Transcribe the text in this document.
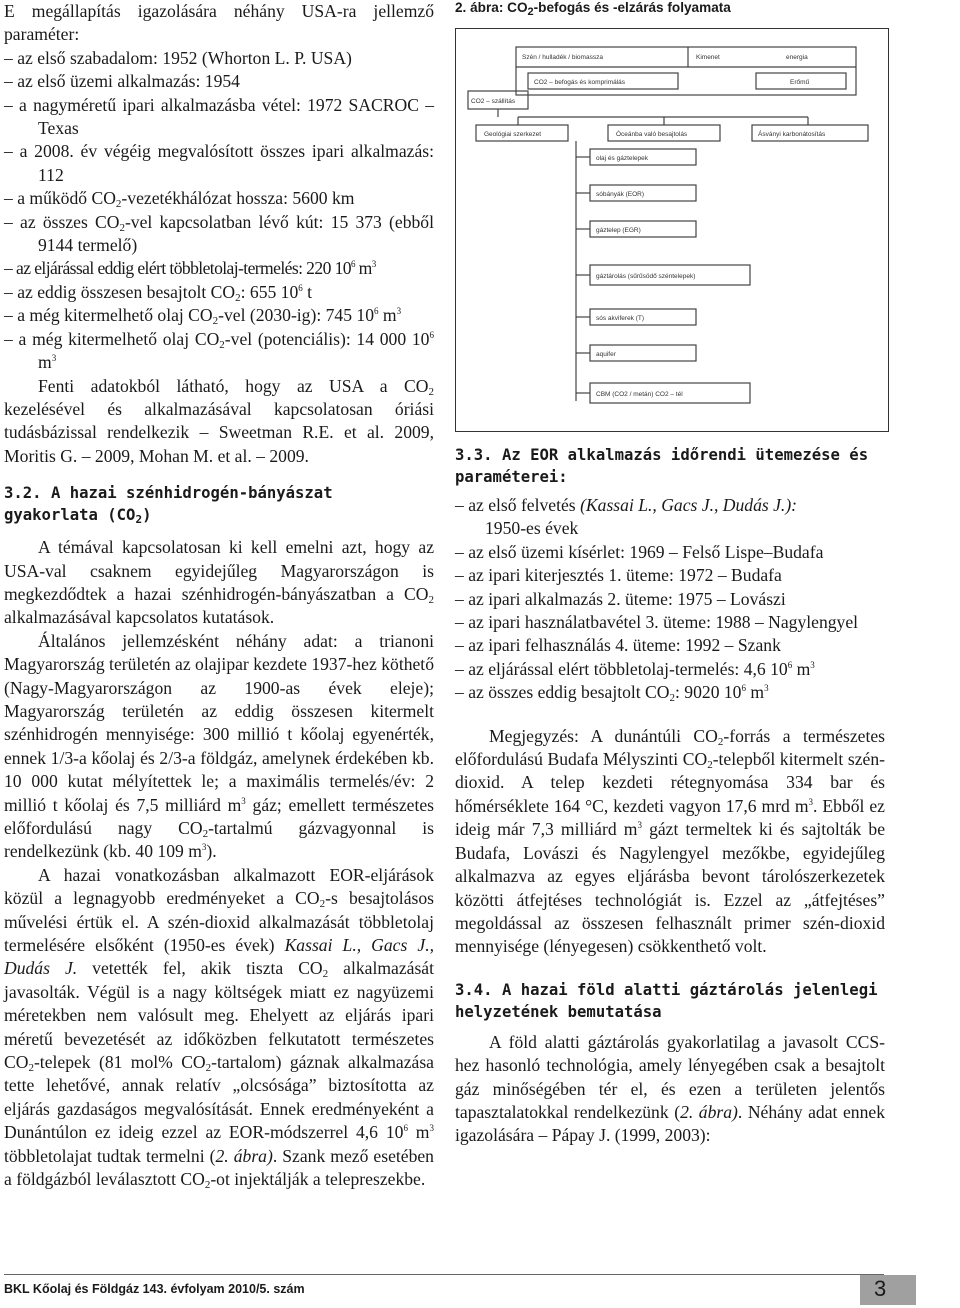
E megállapítás igazolására néhány USA-ra jellemző paraméter:

– az első szabadalom: 1952 (Whorton L. P. USA)
– az első üzemi alkalmazás: 1954
– a nagyméretű ipari alkalmazásba vétel: 1972 SACROC – Texas
– a 2008. év végéig megvalósított összes ipari alkalmazás: 112
– a működő $CO_2$-vezetékhálózat hossza: 5600 km
– az összes $CO_2$-vel kapcsolatban lévő kút: 15 373 (ebből 9144 termelő)
– az eljárással eddig elért többletolaj-termelés: 220 $10^6$ $m^3$
– az eddig összesen besajtolt $CO_2$: 655 $10^6$ t
– a még kitermelhető olaj $CO_2$-vel (2030-ig): 745 $10^6$ $m^3$
– a még kitermelhető olaj $CO_2$-vel (potenciális): 14 000 $10^6$ $m^3$

Fenti adatokból látható, hogy az USA a $CO_2$ kezelésével és alkalmazásával kapcsolatosan óriási tudásbázissal rendelkezik – Sweetman R.E. et al. 2009, Moritis G. – 2009, Mohan M. et al. – 2009.

3.2. A hazai szénhidrogén-bányászat gyakorlata $(CO_2)$

A témával kapcsolatosan ki kell emelni azt, hogy az USA-val csaknem egyidejűleg Magyarországon is megkezdődtek a hazai szénhidrogén-bányászatban a $CO_2$ alkalmazásával kapcsolatos kutatások.

Általános jellemzésként néhány adat: a trianoni Magyarország területén az olajipar kezdete 1937-hez köthető (Nagy-Magyarországon az 1900-as évek eleje); Magyarország területén az eddig összesen kitermelt szénhidrogén mennyisége: 300 millió t kőolaj egyenérték, ennek 1/3-a kőolaj és 2/3-a földgáz, amelynek érdekében kb. 10 000 kutat mélyítettek le; a maximális termelés/év: 2 millió t kőolaj és 7,5 milliárd $m^3$ gáz; emellett természetes előfordulású nagy $CO_2$-tartalmú gázvagyonnal is rendelkezünk (kb. 40 109 $m^3$).

A hazai vonatkozásban alkalmazott EOR-eljárások közül a legnagyobb eredményeket a $CO_2-s$ besajtolásos művelési értük el. A szén-dioxid alkalmazását többletolaj termelésére elsőként (1950-es évek) Kassai L., Gacs J., Dudás J. vetették fel, akik tiszta $CO_2$ alkalmazását javasolták. Végül is a nagy költségek miatt ez nagyüzemi méretekben nem valósult meg. Ehelyett az eljárás ipari méretű bevezetését az időközben felkutatott természetes $CO_2$-telepek (81 mol% $CO_2-tartalom$) gáznak alkalmazása tette lehetővé, annak relatív „olcsósága” biztosította az eljárás gazdaságos megvalósítását. Ennek eredményeként a Dunántúlon ez ideig ezzel az EOR-módszerrel 4,6 $10^6$ $m^3$ többletolajat tudtak termelni (2. ábra). Szank mező esetében a földgázból leválasztott $CO_2-ot$ injektálják a telepreszekbe.

2. ábra: $CO_2$-befogás és -elzárás folyamata
Szén / hulladék / biomassza	Kimenet	energia
CO2 – befogás és komprimálás	Erőmű
CO2 – szállítás
Geológiai szerkezet	Óceánba való besajtolás	Ásványi karbonátosítás
olaj és gáztelepek
sóbányák (EOR)
gáztelep (EGR)
gáztárolás (sűrűsödő széntelepek)
sós akviferek (T)
aquifer
CBM (CO2 / metán) CO2 – tél
3.3. Az EOR alkalmazás időrendi ütemezése és paraméterei:
– az első felvetés (Kassai L., Gacs J., Dudás J.):
1950-es évek
– az első üzemi kísérlet: 1969 – Felső Lispe–Budafa
– az ipari kiterjesztés 1. üteme: 1972 – Budafa
– az ipari alkalmazás 2. üteme: 1975 – Lovászi
– az ipari használatbavétel 3. üteme: 1988 – Nagylengyel
– az ipari felhasználás 4. üteme: 1992 – Szank
– az eljárással elért többletolaj-termelés: 4,6 $10^6$ $m^3$
– az összes eddig besajtolt $CO_2$: 9020 $10^6$ $m^3$

Megjegyzés: A dunántúli $CO_2$-forrás a természetes előfordulású Budafa Mélyszinti $CO_2$-telepből kitermelt szén-dioxid. A telep kezdeti rétegnyomása 334 bar és hőmérséklete 164 °C, kezdeti vagyon 17,6 mrd $m^3$. Ebből ez ideig már 7,3 milliárd $m^3$ gázt termeltek ki és sajtolták be Budafa, Lovászi és Nagylengyel mezőkbe, egyidejűleg alkalmazva az egyes eljárásba bevont tárolószerkezetek közötti átfejtéses technológiát is. Ezzel az „átfejtéses” megoldással az összesen felhasznált primer szén-dioxid mennyisége (lényegesen) csökkenthető volt.

3.4. A hazai föld alatti gáztárolás jelenlegi helyzetének bemutatása

A föld alatti gáztárolás gyakorlatilag a javasolt CCS-hez hasonló technológia, amely lényegében csak a besajtolt gáz minőségében tér el, és ezen a területen jelentős tapasztalatokkal rendelkezünk (2. ábra). Néhány adat ennek igazolására – Pápay J. (1999, 2003):

BKL Kőolaj és Földgáz 143. évfolyam 2010/5. szám	3
